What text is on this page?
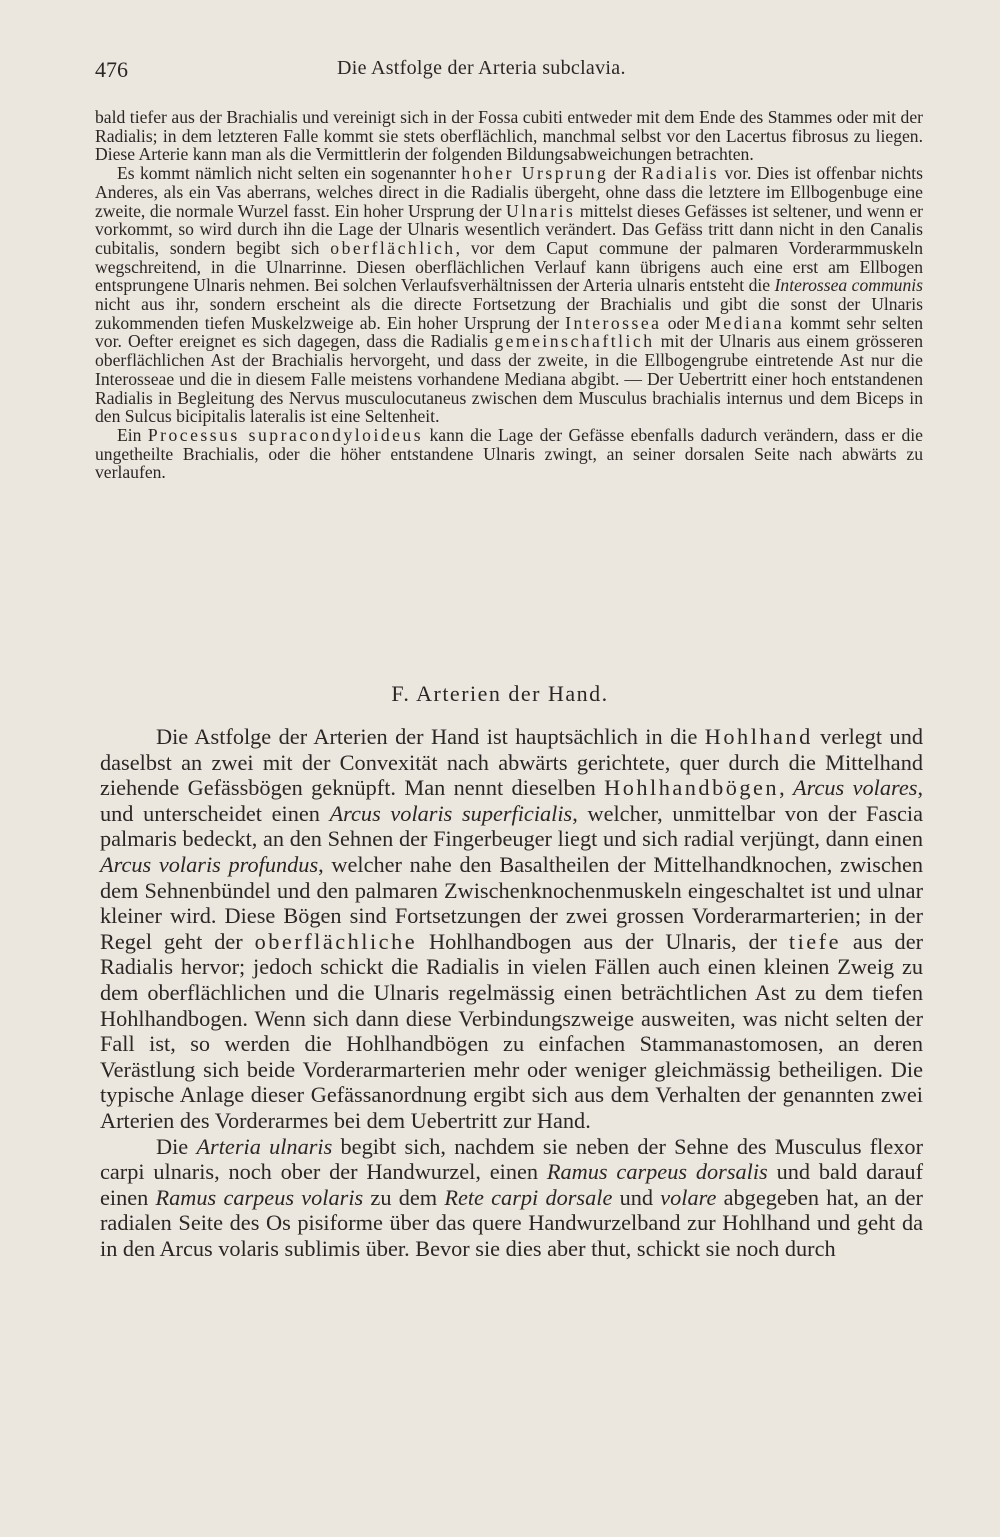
476	Die Astfolge der Arteria subclavia.

bald tiefer aus der Brachialis und vereinigt sich in der Fossa cubiti entweder mit dem Ende des Stammes oder mit der Radialis; in dem letzteren Falle kommt sie stets oberflächlich, manchmal selbst vor den Lacertus fibrosus zu liegen. Diese Arterie kann man als die Vermittlerin der folgenden Bildungsabweichungen betrachten.

Es kommt nämlich nicht selten ein sogenannter hoher Ursprung der Radialis vor. Dies ist offenbar nichts Anderes, als ein Vas aberrans, welches direct in die Radialis übergeht, ohne dass die letztere im Ellbogenbuge eine zweite, die normale Wurzel fasst. Ein hoher Ursprung der Ulnaris mittelst dieses Gefässes ist seltener, und wenn er vorkommt, so wird durch ihn die Lage der Ulnaris wesentlich verändert. Das Gefäss tritt dann nicht in den Canalis cubitalis, sondern begibt sich oberflächlich, vor dem Caput commune der palmaren Vorderarmmuskeln wegschreitend, in die Ulnarrinne. Diesen oberflächlichen Verlauf kann übrigens auch eine erst am Ellbogen entsprungene Ulnaris nehmen. Bei solchen Verlaufsverhältnissen der Arteria ulnaris entsteht die Interossea communis nicht aus ihr, sondern erscheint als die directe Fortsetzung der Brachialis und gibt die sonst der Ulnaris zukommenden tiefen Muskelzweige ab. Ein hoher Ursprung der Interossea oder Mediana kommt sehr selten vor. Oefter ereignet es sich dagegen, dass die Radialis gemeinschaftlich mit der Ulnaris aus einem grösseren oberflächlichen Ast der Brachialis hervorgeht, und dass der zweite, in die Ellbogengrube eintretende Ast nur die Interosseae und die in diesem Falle meistens vorhandene Mediana abgibt. — Der Uebertritt einer hoch entstandenen Radialis in Begleitung des Nervus musculocutaneus zwischen dem Musculus brachialis internus und dem Biceps in den Sulcus bicipitalis lateralis ist eine Seltenheit.

Ein Processus supracondyloideus kann die Lage der Gefässe ebenfalls dadurch verändern, dass er die ungetheilte Brachialis, oder die höher entstandene Ulnaris zwingt, an seiner dorsalen Seite nach abwärts zu verlaufen.

F. Arterien der Hand.

Die Astfolge der Arterien der Hand ist hauptsächlich in die Hohlhand verlegt und daselbst an zwei mit der Convexität nach abwärts gerichtete, quer durch die Mittelhand ziehende Gefässbögen geknüpft. Man nennt dieselben Hohlhandbögen, Arcus volares, und unterscheidet einen Arcus volaris superficialis, welcher, unmittelbar von der Fascia palmaris bedeckt, an den Sehnen der Fingerbeuger liegt und sich radial verjüngt, dann einen Arcus volaris profundus, welcher nahe den Basaltheilen der Mittelhandknochen, zwischen dem Sehnenbündel und den palmaren Zwischenknochenmuskeln eingeschaltet ist und ulnar kleiner wird. Diese Bögen sind Fortsetzungen der zwei grossen Vorderarmarterien; in der Regel geht der oberflächliche Hohlhandbogen aus der Ulnaris, der tiefe aus der Radialis hervor; jedoch schickt die Radialis in vielen Fällen auch einen kleinen Zweig zu dem oberflächlichen und die Ulnaris regelmässig einen beträchtlichen Ast zu dem tiefen Hohlhandbogen. Wenn sich dann diese Verbindungszweige ausweiten, was nicht selten der Fall ist, so werden die Hohlhandbögen zu einfachen Stammanastomosen, an deren Verästlung sich beide Vorderarmarterien mehr oder weniger gleichmässig betheiligen. Die typische Anlage dieser Gefässanordnung ergibt sich aus dem Verhalten der genannten zwei Arterien des Vorderarmes bei dem Uebertritt zur Hand.

Die Arteria ulnaris begibt sich, nachdem sie neben der Sehne des Musculus flexor carpi ulnaris, noch ober der Handwurzel, einen Ramus carpeus dorsalis und bald darauf einen Ramus carpeus volaris zu dem Rete carpi dorsale und volare abgegeben hat, an der radialen Seite des Os pisiforme über das quere Handwurzelband zur Hohlhand und geht da in den Arcus volaris sublimis über. Bevor sie dies aber thut, schickt sie noch durch
